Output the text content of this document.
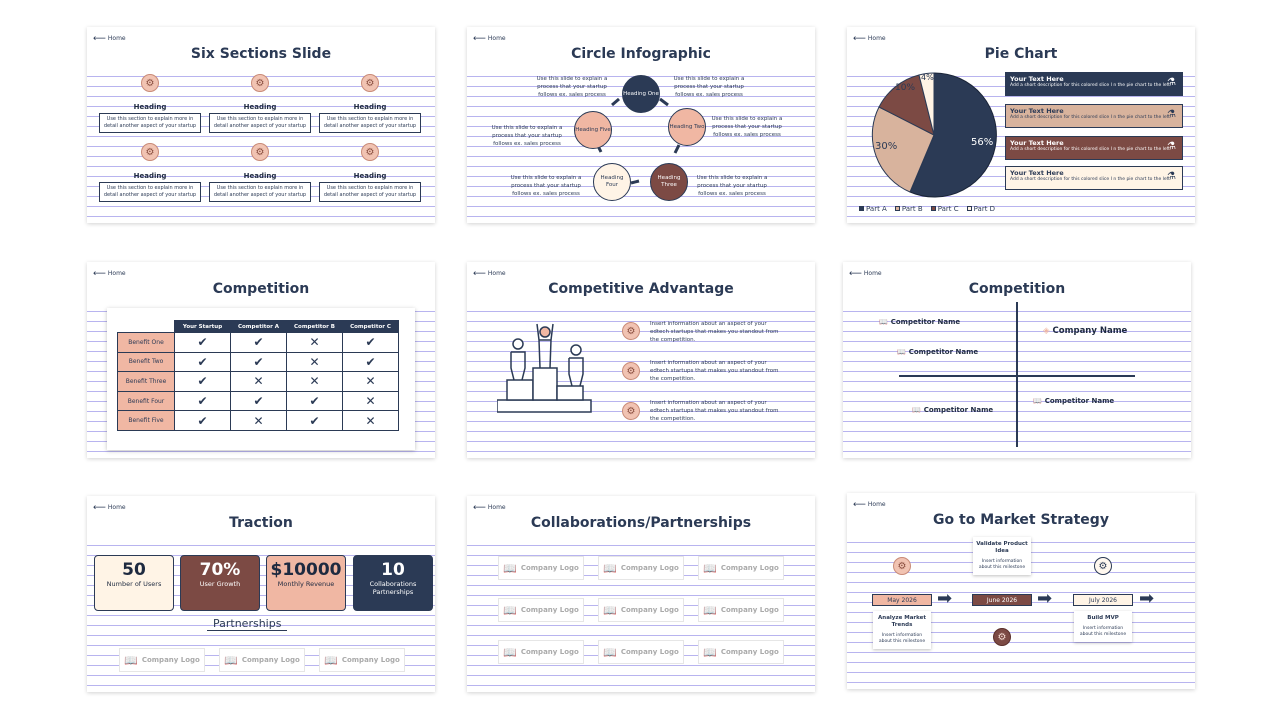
⟵ Home
Six Sections Slide
⚙	⚙	⚙
Heading	Heading	Heading
Use this section to explain more in detail another aspect of your startup
Use this section to explain more in detail another aspect of your startup
Use this section to explain more in detail another aspect of your startup
⚙	⚙	⚙
Heading	Heading	Heading
Use this section to explain more in detail another aspect of your startup
Use this section to explain more in detail another aspect of your startup
Use this section to explain more in detail another aspect of your startup
⟵ Home
Circle Infographic
Heading One
Heading Two
Heading Three
Heading Four
Heading Five
Use this slide to explain a process that your startup follows ex. sales process
Use this slide to explain a process that your startup follows ex. sales process
Use this slide to explain a process that your startup follows ex. sales process
Use this slide to explain a process that your startup follows ex. sales process
Use this slide to explain a process that your startup follows ex. sales process
Use this slide to explain a process that your startup follows ex. sales process
⟵ Home
Pie Chart
56%
30%
10%
4%	Your Text Here
Add a short description for this colored slice I n the pie chart to the left.
⚗
Your Text Here
Add a short description for this colored slice I n the pie chart to the left.
⚗
Your Text Here
Add a short description for this colored slice I n the pie chart to the left.
⚗
Your Text Here
Add a short description for this colored slice I n the pie chart to the left.
⚗
Part A	Part B	Part C	Part D
⟵ Home
Competition
	Your Startup	Competitor A	Competitor B	Competitor C
Benefit One	✔	✔	✕	✔
Benefit Two	✔	✔	✕	✔
Benefit Three	✔	✕	✕	✕
Benefit Four	✔	✔	✔	✕
Benefit Five	✔	✕	✔	✕
⟵ Home
Competitive Advantage
⚙
⚙
⚙
Insert information about an aspect of your edtech startups that makes you standout from the competition.
Insert information about an aspect of your edtech startups that makes you standout from the competition.
Insert information about an aspect of your edtech startups that makes you standout from the competition.
⟵ Home
Competition
📖 Competitor Name
📖 Competitor Name
📖 Competitor Name
📖 Competitor Name
◈ Company Name
⟵ Home
Traction
50
Number of Users
70%
User Growth
$10000
Monthly Revenue
10
Collaborations Partnerships
Partnerships
📖 Company Logo 📖 Company Logo 📖 Company Logo
⟵ Home
Collaborations/Partnerships
📖 Company Logo 📖 Company Logo 📖 Company Logo
📖 Company Logo 📖 Company Logo 📖 Company Logo
📖 Company Logo 📖 Company Logo 📖 Company Logo
⟵ Home
Go to Market Strategy
⚙
⚙
⚙
May 2026	➡	June 2026	➡	July 2026	➡
Validate Product Idea
Insert information about this milestone
Analyze Market Trends
Insert information about this milestone
Build MVP
Insert information about this milestone
